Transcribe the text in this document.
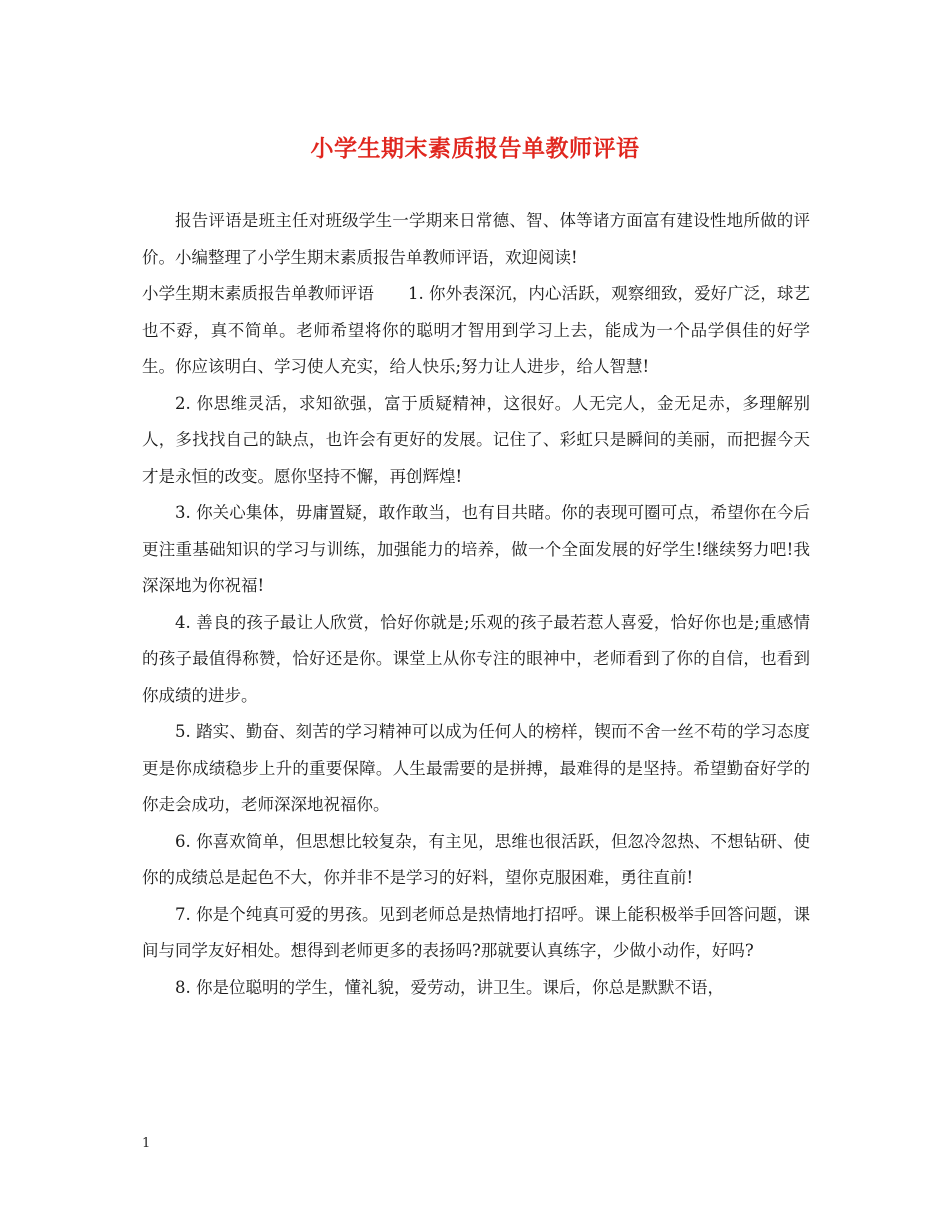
小学生期末素质报告单教师评语

报告评语是班主任对班级学生一学期来日常德、智、体等诸方面富有建设性地所做的评价。小编整理了小学生期末素质报告单教师评语，欢迎阅读!

小学生期末素质报告单教师评语 1. 你外表深沉，内心活跃，观察细致，爱好广泛，球艺也不孬，真不简单。老师希望将你的聪明才智用到学习上去，能成为一个品学俱佳的好学生。你应该明白、学习使人充实，给人快乐;努力让人进步，给人智慧!

2. 你思维灵活，求知欲强，富于质疑精神，这很好。人无完人，金无足赤，多理解别人，多找找自己的缺点，也许会有更好的发展。记住了、彩虹只是瞬间的美丽，而把握今天才是永恒的改变。愿你坚持不懈，再创辉煌!

3. 你关心集体，毋庸置疑，敢作敢当，也有目共睹。你的表现可圈可点，希望你在今后更注重基础知识的学习与训练，加强能力的培养，做一个全面发展的好学生!继续努力吧!我深深地为你祝福!

4. 善良的孩子最让人欣赏，恰好你就是;乐观的孩子最若惹人喜爱，恰好你也是;重感情的孩子最值得称赞，恰好还是你。课堂上从你专注的眼神中，老师看到了你的自信，也看到你成绩的进步。

5. 踏实、勤奋、刻苦的学习精神可以成为任何人的榜样，锲而不舍一丝不苟的学习态度更是你成绩稳步上升的重要保障。人生最需要的是拼搏，最难得的是坚持。希望勤奋好学的你走会成功，老师深深地祝福你。

6. 你喜欢简单，但思想比较复杂，有主见，思维也很活跃，但忽冷忽热、不想钻研、使你的成绩总是起色不大，你并非不是学习的好料，望你克服困难，勇往直前!

7. 你是个纯真可爱的男孩。见到老师总是热情地打招呼。课上能积极举手回答问题，课间与同学友好相处。想得到老师更多的表扬吗?那就要认真练字，少做小动作，好吗?

8. 你是位聪明的学生，懂礼貌，爱劳动，讲卫生。课后，你总是默默不语，

1
